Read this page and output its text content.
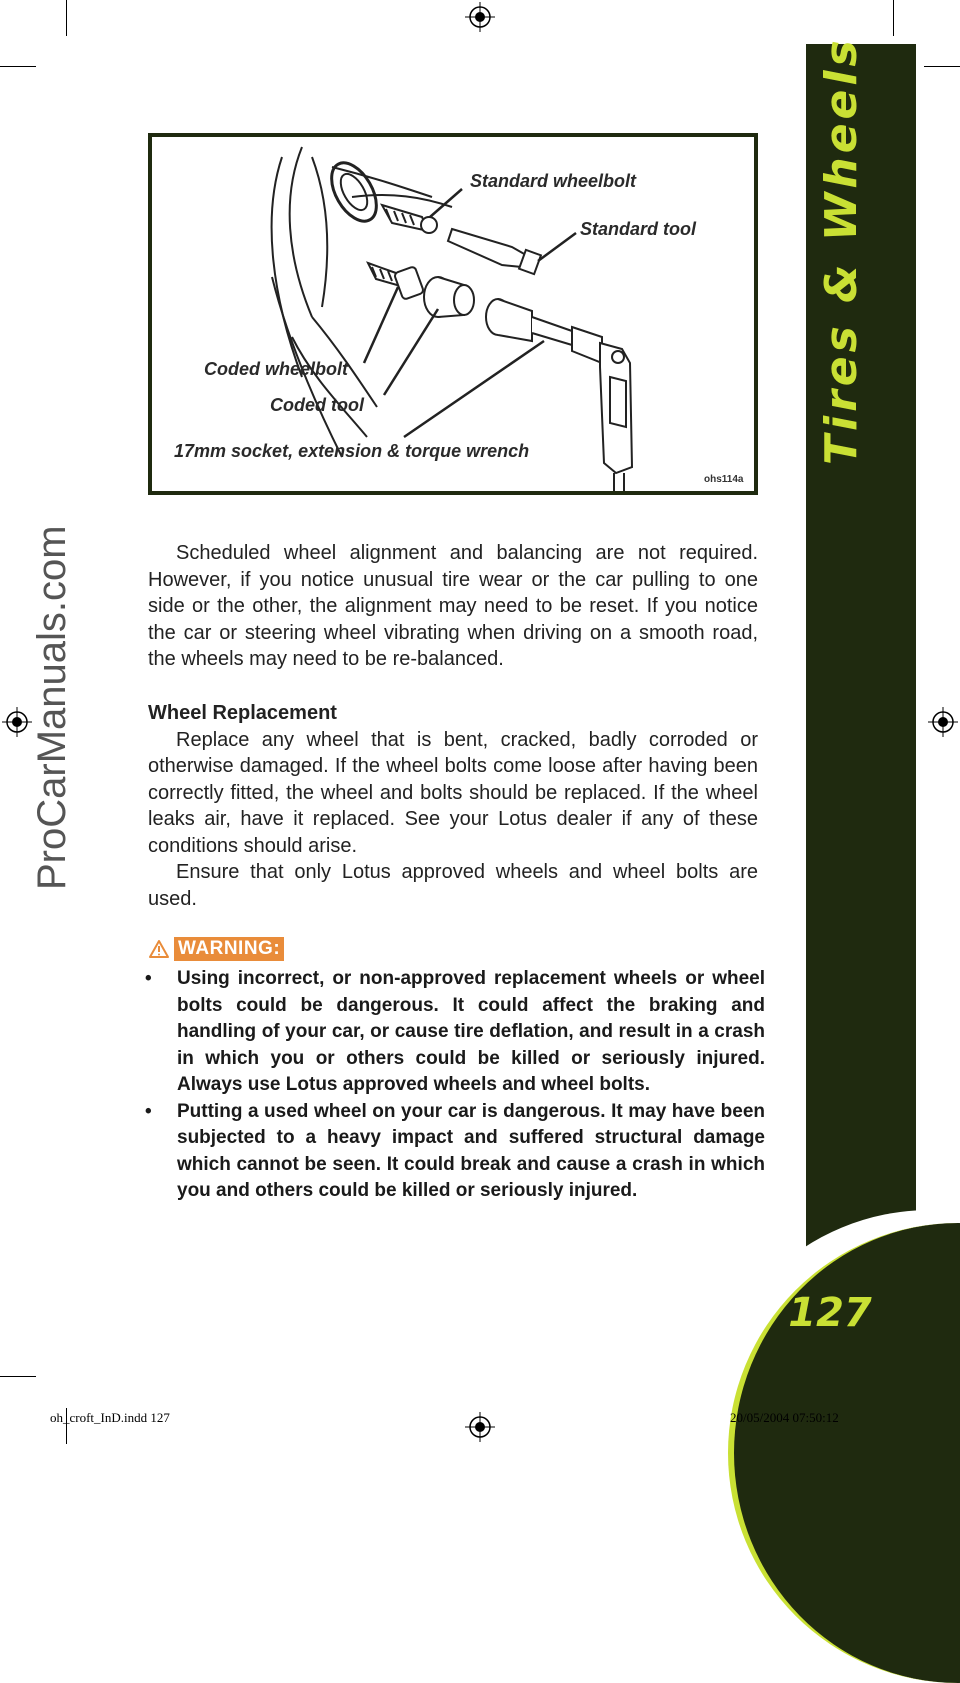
127
ProCarManuals.com
Standard wheelbolt
Standard tool
Coded wheelbolt
Coded tool
17mm socket, extension & torque wrench
ohs114a

Scheduled wheel alignment and balancing are not required. However, if you notice unusual tire wear or the car pulling to one side or the other, the alignment may need to be reset. If you notice the car or steering wheel vibrating when driving on a smooth road, the wheels may need to be re-balanced.

Wheel Replacement

Replace any wheel that is bent, cracked, badly corroded or otherwise damaged. If the wheel bolts come loose after having been correctly fitted, the wheel and bolts should be replaced. If the wheel leaks air, have it replaced. See your Lotus dealer if any of these conditions should arise.

Ensure that only Lotus approved wheels and wheel bolts are used.

WARNING:
• Using incorrect, or non-approved replacement wheels or wheel bolts could be dangerous. It could affect the braking and handling of your car, or cause tire deflation, and result in a crash in which you or others could be killed or seriously injured. Always use Lotus approved wheels and wheel bolts.
• Putting a used wheel on your car is dangerous. It may have been subjected to a heavy impact and suffered structural damage which cannot be seen. It could break and cause a crash in which you and others could be killed or seriously injured.
oh_croft_InD.indd 127	20/05/2004 07:50:12
